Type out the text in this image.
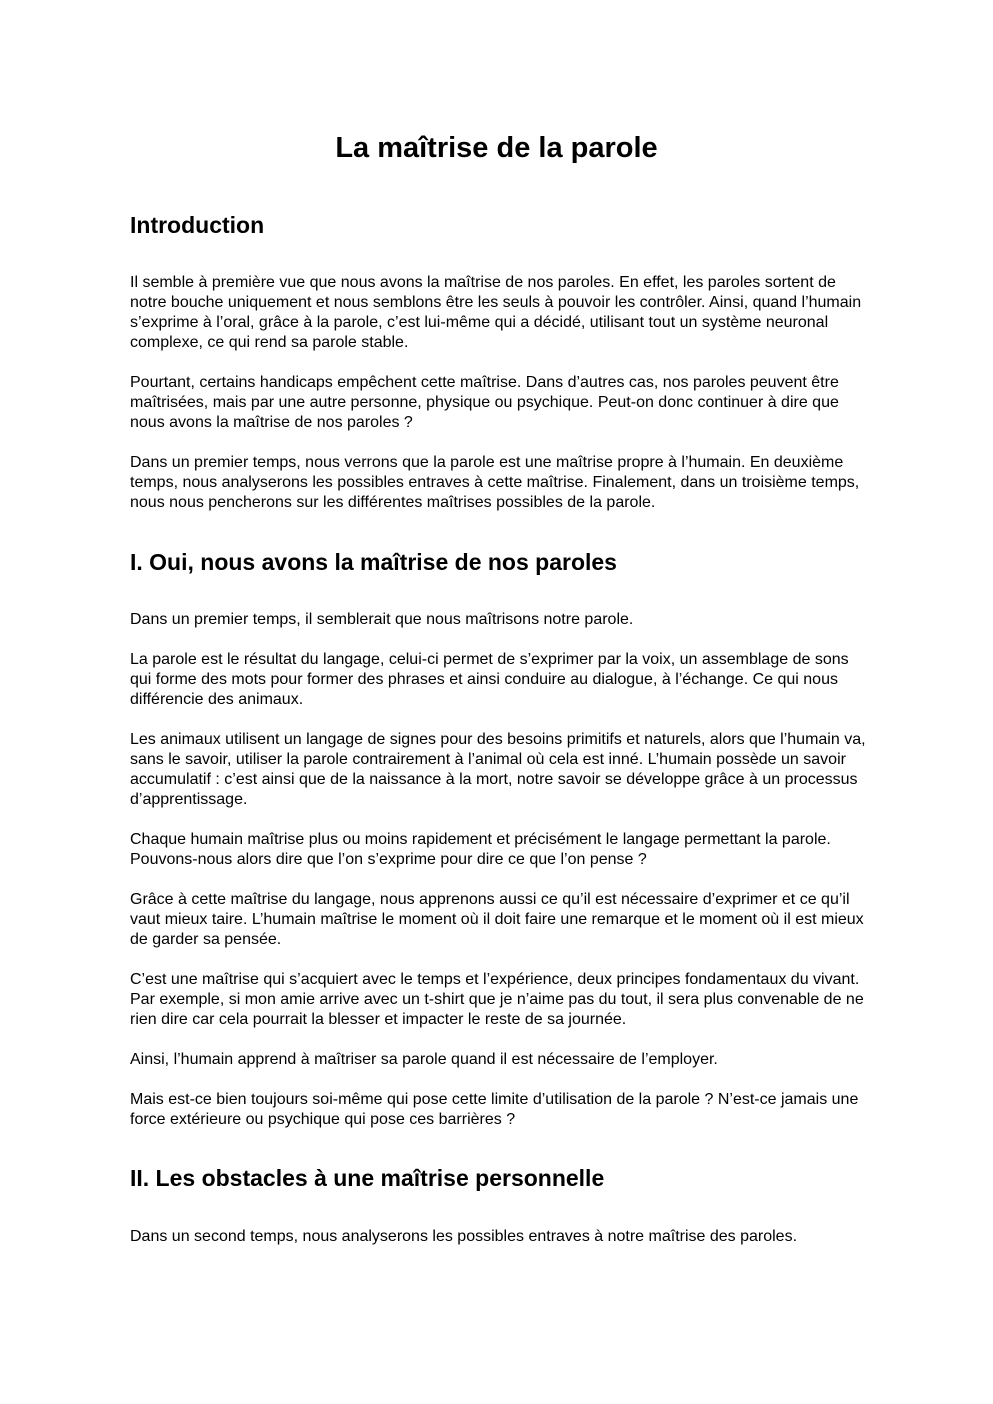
La maîtrise de la parole
Introduction

Il semble à première vue que nous avons la maîtrise de nos paroles. En effet, les paroles sortent de notre bouche uniquement et nous semblons être les seuls à pouvoir les contrôler. Ainsi, quand l’humain s’exprime à l’oral, grâce à la parole, c’est lui-même qui a décidé, utilisant tout un système neuronal complexe, ce qui rend sa parole stable.

Pourtant, certains handicaps empêchent cette maîtrise. Dans d’autres cas, nos paroles peuvent être maîtrisées, mais par une autre personne, physique ou psychique. Peut-on donc continuer à dire que nous avons la maîtrise de nos paroles ?

Dans un premier temps, nous verrons que la parole est une maîtrise propre à l’humain. En deuxième temps, nous analyserons les possibles entraves à cette maîtrise. Finalement, dans un troisième temps, nous nous pencherons sur les différentes maîtrises possibles de la parole.

I. Oui, nous avons la maîtrise de nos paroles

Dans un premier temps, il semblerait que nous maîtrisons notre parole.

La parole est le résultat du langage, celui-ci permet de s’exprimer par la voix, un assemblage de sons qui forme des mots pour former des phrases et ainsi conduire au dialogue, à l’échange. Ce qui nous différencie des animaux.

Les animaux utilisent un langage de signes pour des besoins primitifs et naturels, alors que l’humain va, sans le savoir, utiliser la parole contrairement à l’animal où cela est inné. L’humain possède un savoir accumulatif : c’est ainsi que de la naissance à la mort, notre savoir se développe grâce à un processus d’apprentissage.

Chaque humain maîtrise plus ou moins rapidement et précisément le langage permettant la parole. Pouvons-nous alors dire que l’on s’exprime pour dire ce que l’on pense ?

Grâce à cette maîtrise du langage, nous apprenons aussi ce qu’il est nécessaire d’exprimer et ce qu’il vaut mieux taire. L’humain maîtrise le moment où il doit faire une remarque et le moment où il est mieux de garder sa pensée.

C’est une maîtrise qui s’acquiert avec le temps et l’expérience, deux principes fondamentaux du vivant. Par exemple, si mon amie arrive avec un t-shirt que je n’aime pas du tout, il sera plus convenable de ne rien dire car cela pourrait la blesser et impacter le reste de sa journée.

Ainsi, l’humain apprend à maîtriser sa parole quand il est nécessaire de l’employer.

Mais est-ce bien toujours soi-même qui pose cette limite d’utilisation de la parole ? N’est-ce jamais une force extérieure ou psychique qui pose ces barrières ?

II. Les obstacles à une maîtrise personnelle

Dans un second temps, nous analyserons les possibles entraves à notre maîtrise des paroles.
